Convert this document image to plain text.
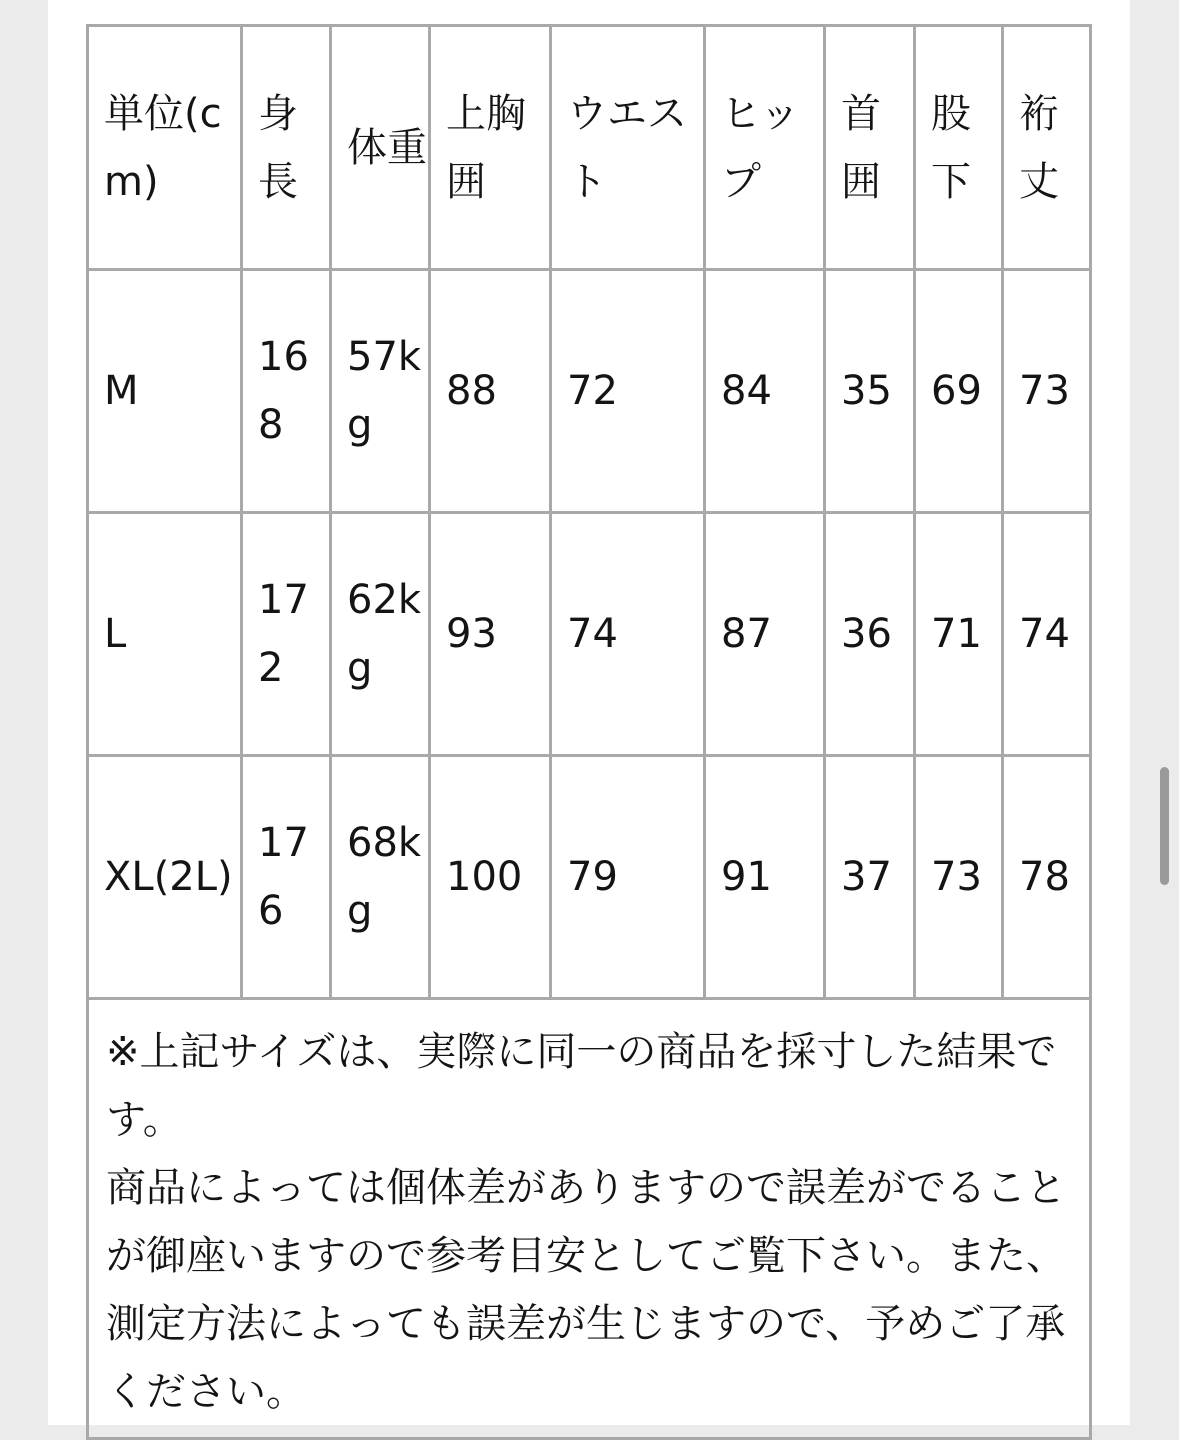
単位(cm)	身長	体重	上胸囲	ウエスト	ヒップ	首囲	股下	裄丈
M	168	57kg	88	72	84	35	69	73
L	172	62kg	93	74	87	36	71	74
XL(2L)	176	68kg	100	79	91	37	73	78

※上記サイズは、実際に同一の商品を採寸した結果です。
商品によっては個体差がありますので誤差がでることが御座いますので参考目安としてご覧下さい。また、測定方法によっても誤差が生じますので、予めご了承ください。								
